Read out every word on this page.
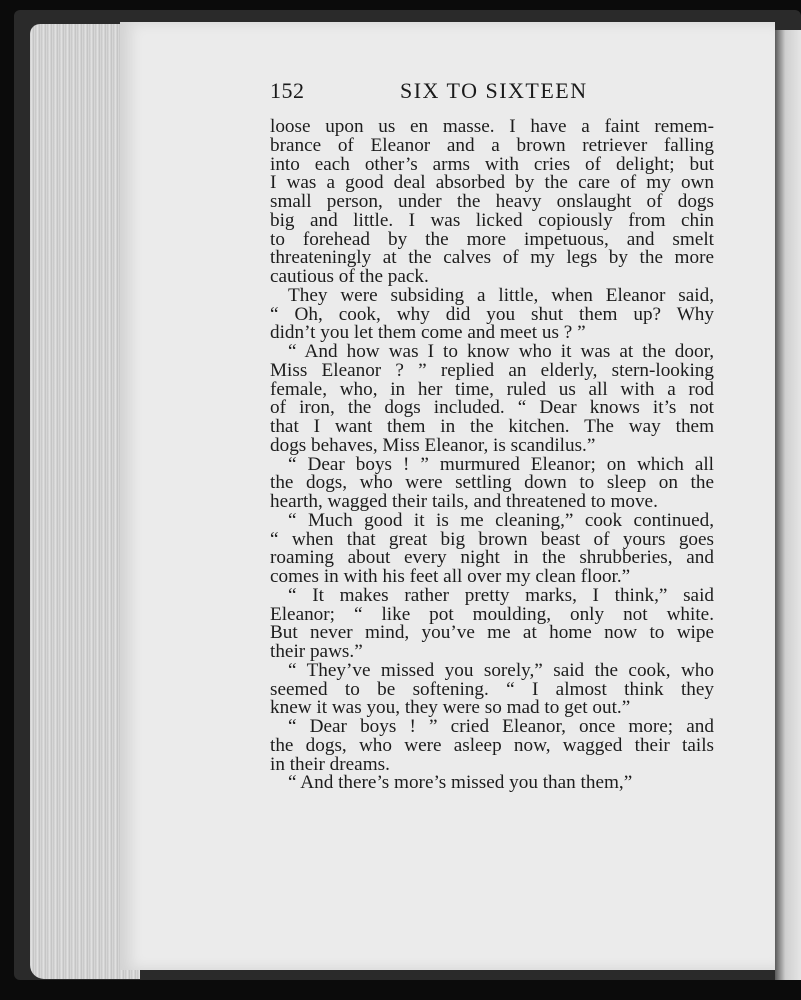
152	SIX TO SIXTEEN
loose upon us en masse. I have a faint remem-
brance of Eleanor and a brown retriever falling
into each other’s arms with cries of delight; but
I was a good deal absorbed by the care of my own
small person, under the heavy onslaught of dogs
big and little. I was licked copiously from chin
to forehead by the more impetuous, and smelt
threateningly at the calves of my legs by the more
cautious of the pack.
They were subsiding a little, when Eleanor said,
“ Oh, cook, why did you shut them up? Why
didn’t you let them come and meet us ? ”
“ And how was I to know who it was at the door,
Miss Eleanor ? ” replied an elderly, stern-looking
female, who, in her time, ruled us all with a rod
of iron, the dogs included. “ Dear knows it’s not
that I want them in the kitchen. The way them
dogs behaves, Miss Eleanor, is scandilus.”
“ Dear boys ! ” murmured Eleanor; on which all
the dogs, who were settling down to sleep on the
hearth, wagged their tails, and threatened to move.
“ Much good it is me cleaning,” cook continued,
“ when that great big brown beast of yours goes
roaming about every night in the shrubberies, and
comes in with his feet all over my clean floor.”
“ It makes rather pretty marks, I think,” said
Eleanor; “ like pot moulding, only not white.
But never mind, you’ve me at home now to wipe
their paws.”
“ They’ve missed you sorely,” said the cook, who
seemed to be softening. “ I almost think they
knew it was you, they were so mad to get out.”
“ Dear boys ! ” cried Eleanor, once more; and
the dogs, who were asleep now, wagged their tails
in their dreams.
“ And there’s more’s missed you than them,”
